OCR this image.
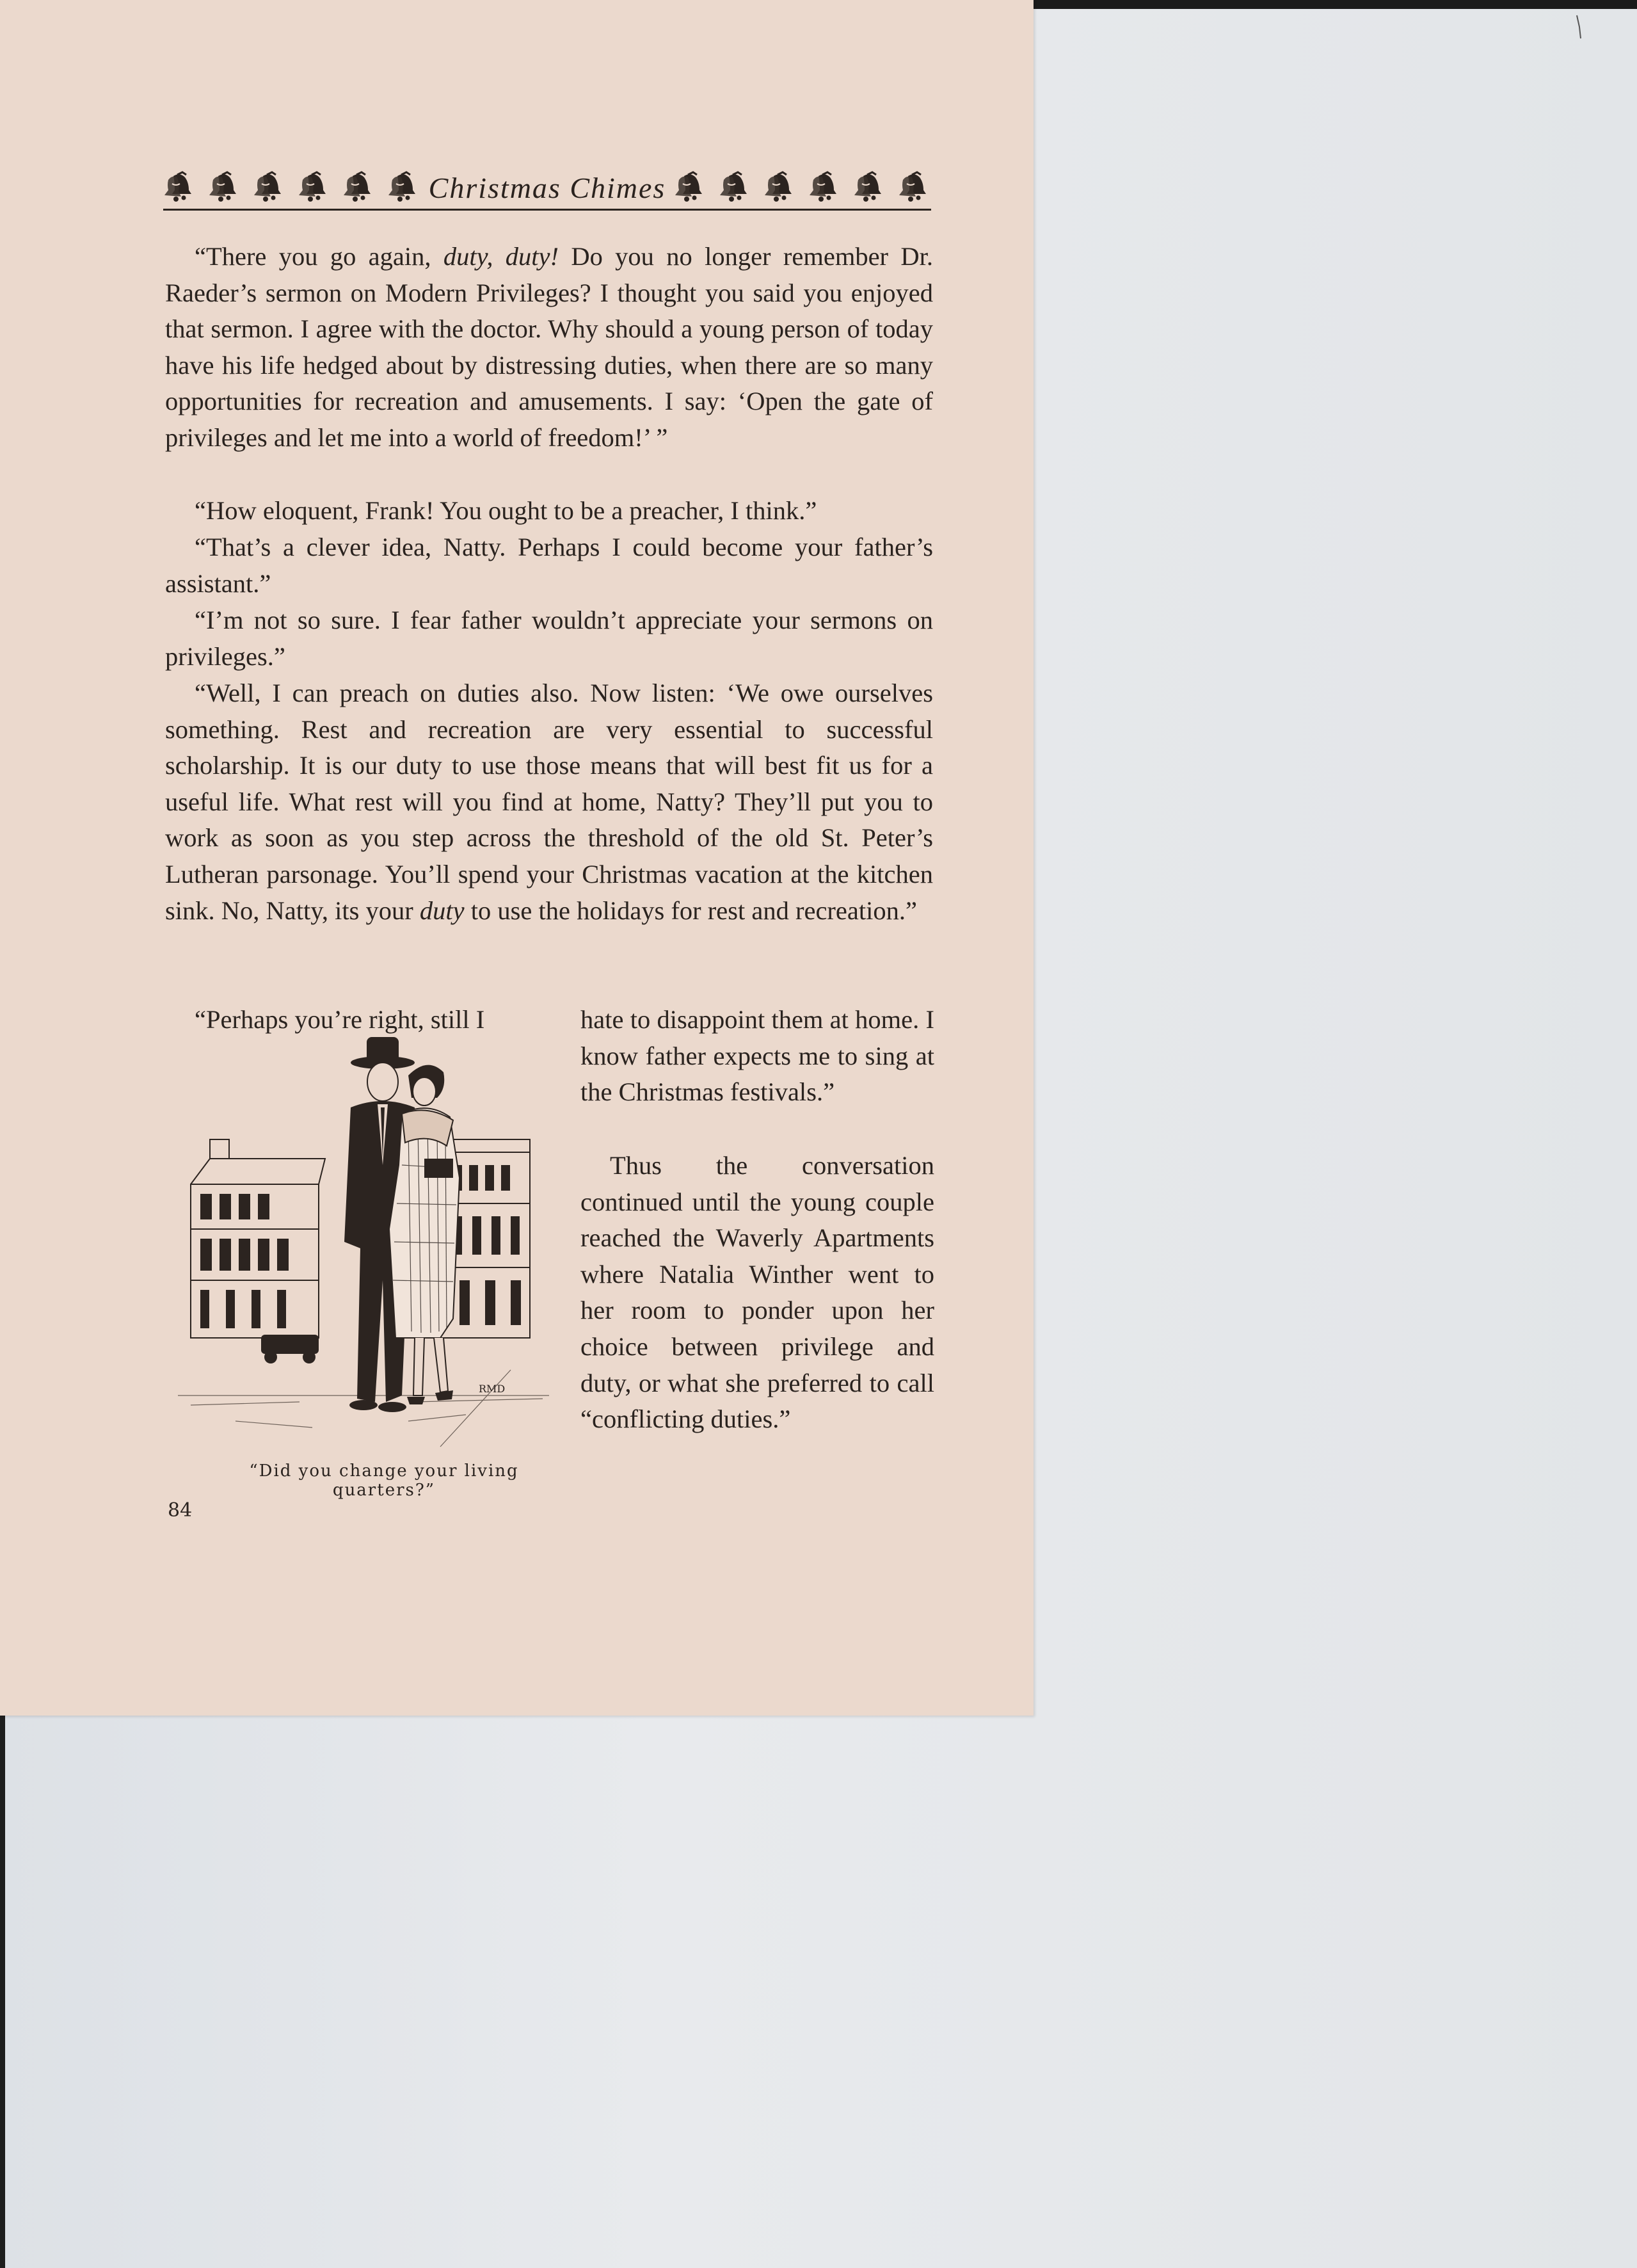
Christmas Chimes

“There you go again, duty, duty! Do you no longer remember Dr. Raeder’s sermon on Modern Privileges? I thought you said you enjoyed that sermon. I agree with the doctor. Why should a young person of today have his life hedged about by distressing duties, when there are so many opportunities for recreation and amusements. I say: ‘Open the gate of privileges and let me into a world of freedom!’ ”

“How eloquent, Frank! You ought to be a preacher, I think.”

“That’s a clever idea, Natty. Perhaps I could become your father’s assistant.”

“I’m not so sure. I fear father wouldn’t appreciate your sermons on privileges.”

“Well, I can preach on duties also. Now listen: ‘We owe ourselves something. Rest and recreation are very essential to successful scholarship. It is our duty to use those means that will best fit us for a useful life. What rest will you find at home, Natty? They’ll put you to work as soon as you step across the threshold of the old St. Peter’s Lutheran parsonage. You’ll spend your Christmas vacation at the kitchen sink. No, Natty, its your duty to use the holidays for rest and recreation.”

“Perhaps you’re right, still I	hate to disappoint them at home. I know father expects me to sing at the Christmas festivals.”

Thus the conversation continued until the young couple reached the Waverly Apartments where Natalia Winther went to her room to ponder upon her choice between privilege and duty, or what she preferred to call “conflicting duties.”

RMD
“Did you change your living quarters?”
84
